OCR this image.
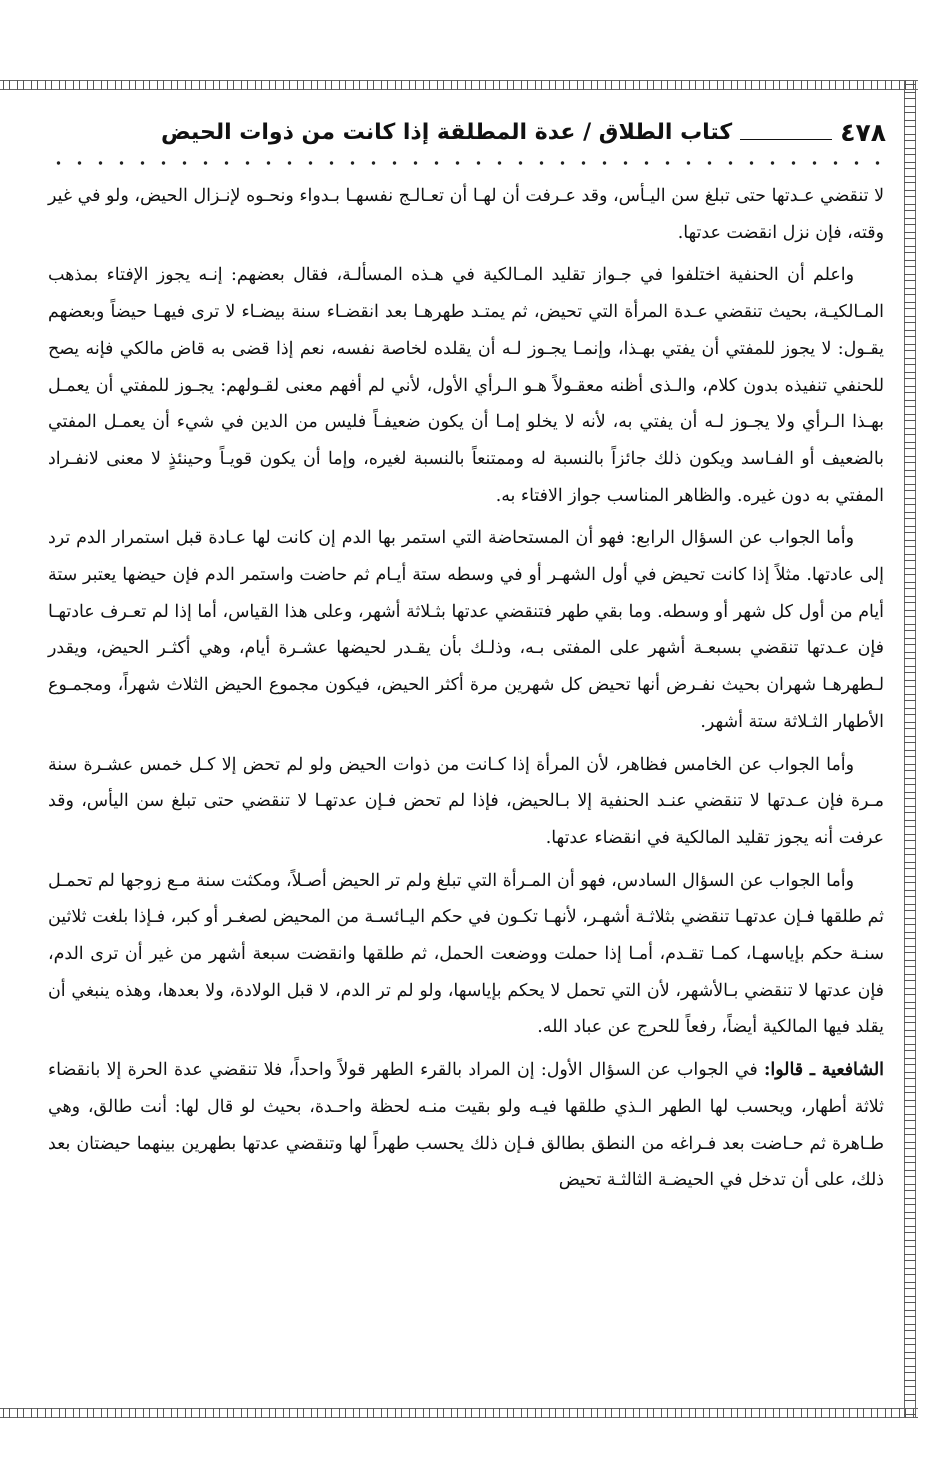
٤٧٨
كتاب الطلاق / عدة المطلقة إذا كانت من ذوات الحيض

لا تنقضي عـدتها حتى تبلغ سن اليـأس، وقد عـرفت أن لهـا أن تعـالـج نفسهـا بـدواء ونحـوه لإنـزال الحيض، ولو في غير وقته، فإن نزل انقضت عدتها.

واعلم أن الحنفية اختلفوا في جـواز تقليد المـالكية في هـذه المسألـة، فقال بعضهم: إنـه يجوز الإفتاء بمذهب المـالكيـة، بحيث تنقضي عـدة المرأة التي تحيض، ثم يمتـد طهرهـا بعد انقضـاء سنة بيضـاء لا ترى فيهـا حيضاً وبعضهم يقـول: لا يجوز للمفتي أن يفتي بهـذا، وإنمـا يجـوز لـه أن يقلده لخاصة نفسه، نعم إذا قضى به قاض مالكي فإنه يصح للحنفي تنفيذه بدون كلام، والـذى أظنه معقـولاً هـو الـرأي الأول، لأني لم أفهم معنى لقـولهم: يجـوز للمفتي أن يعمـل بهـذا الـرأي ولا يجـوز لـه أن يفتي به، لأنه لا يخلو إمـا أن يكون ضعيفـاً فليس من الدين في شيء أن يعمـل المفتي بالضعيف أو الفـاسد ويكون ذلك جائزاً بالنسبة له وممتنعاً بالنسبة لغيره، وإما أن يكون قويـاً وحينئذٍ لا معنى لانفـراد المفتي به دون غيره. والظاهر المناسب جواز الافتاء به.

وأما الجواب عن السؤال الرابع: فهو أن المستحاضة التي استمر بها الدم إن كانت لها عـادة قبل استمرار الدم ترد إلى عادتها. مثلاً إذا كانت تحيض في أول الشهـر أو في وسطه ستة أيـام ثم حاضت واستمر الدم فإن حيضها يعتبر ستة أيام من أول كل شهر أو وسطه. وما بقي طهر فتنقضي عدتها بثـلاثة أشهر، وعلى هذا القياس، أما إذا لم تعـرف عادتهـا فإن عـدتها تنقضي بسبعـة أشهر على المفتى بـه، وذلـك بأن يقـدر لحيضها عشـرة أيام، وهي أكثـر الحيض، ويقدر لـطهرهـا شهران بحيث نفـرض أنها تحيض كل شهرين مرة أكثر الحيض، فيكون مجموع الحيض الثلاث شهراً، ومجمـوع الأطهار الثـلاثة ستة أشهر.

وأما الجواب عن الخامس فظاهر، لأن المرأة إذا كـانت من ذوات الحيض ولو لم تحض إلا كـل خمس عشـرة سنة مـرة فإن عـدتها لا تنقضي عنـد الحنفية إلا بـالحيض، فإذا لم تحض فـإن عدتهـا لا تنقضي حتى تبلغ سن اليأس، وقد عرفت أنه يجوز تقليد المالكية في انقضاء عدتها.

وأما الجواب عن السؤال السادس، فهو أن المـرأة التي تبلغ ولم تر الحيض أصـلاً، ومكثت سنة مـع زوجها لم تحمـل ثم طلقها فـإن عدتهـا تنقضي بثلاثـة أشهـر، لأنهـا تكـون في حكم اليـائسـة من المحيض لصغـر أو كبر، فـإذا بلغت ثلاثين سنـة حكم بإياسهـا، كمـا تقـدم، أمـا إذا حملت ووضعت الحمل، ثم طلقها وانقضت سبعة أشهر من غير أن ترى الدم، فإن عدتها لا تنقضي بـالأشهر، لأن التي تحمل لا يحكم بإياسها، ولو لم تر الدم، لا قبل الولادة، ولا بعدها، وهذه ينبغي أن يقلد فيها المالكية أيضاً، رفعاً للحرج عن عباد الله.

الشافعية ـ قالوا: في الجواب عن السؤال الأول: إن المراد بالقرء الطهر قولاً واحداً، فلا تنقضي عدة الحرة إلا بانقضاء ثلاثة أطهار، ويحسب لها الطهر الـذي طلقها فيـه ولو بقيت منـه لحظة واحـدة، بحيث لو قال لها: أنت طالق، وهي طـاهرة ثم حـاضت بعد فـراغه من النطق بطالق فـإن ذلك يحسب طهراً لها وتنقضي عدتها بطهرين بينهما حيضتان بعد ذلك، على أن تدخل في الحيضـة الثالثـة تحيض
